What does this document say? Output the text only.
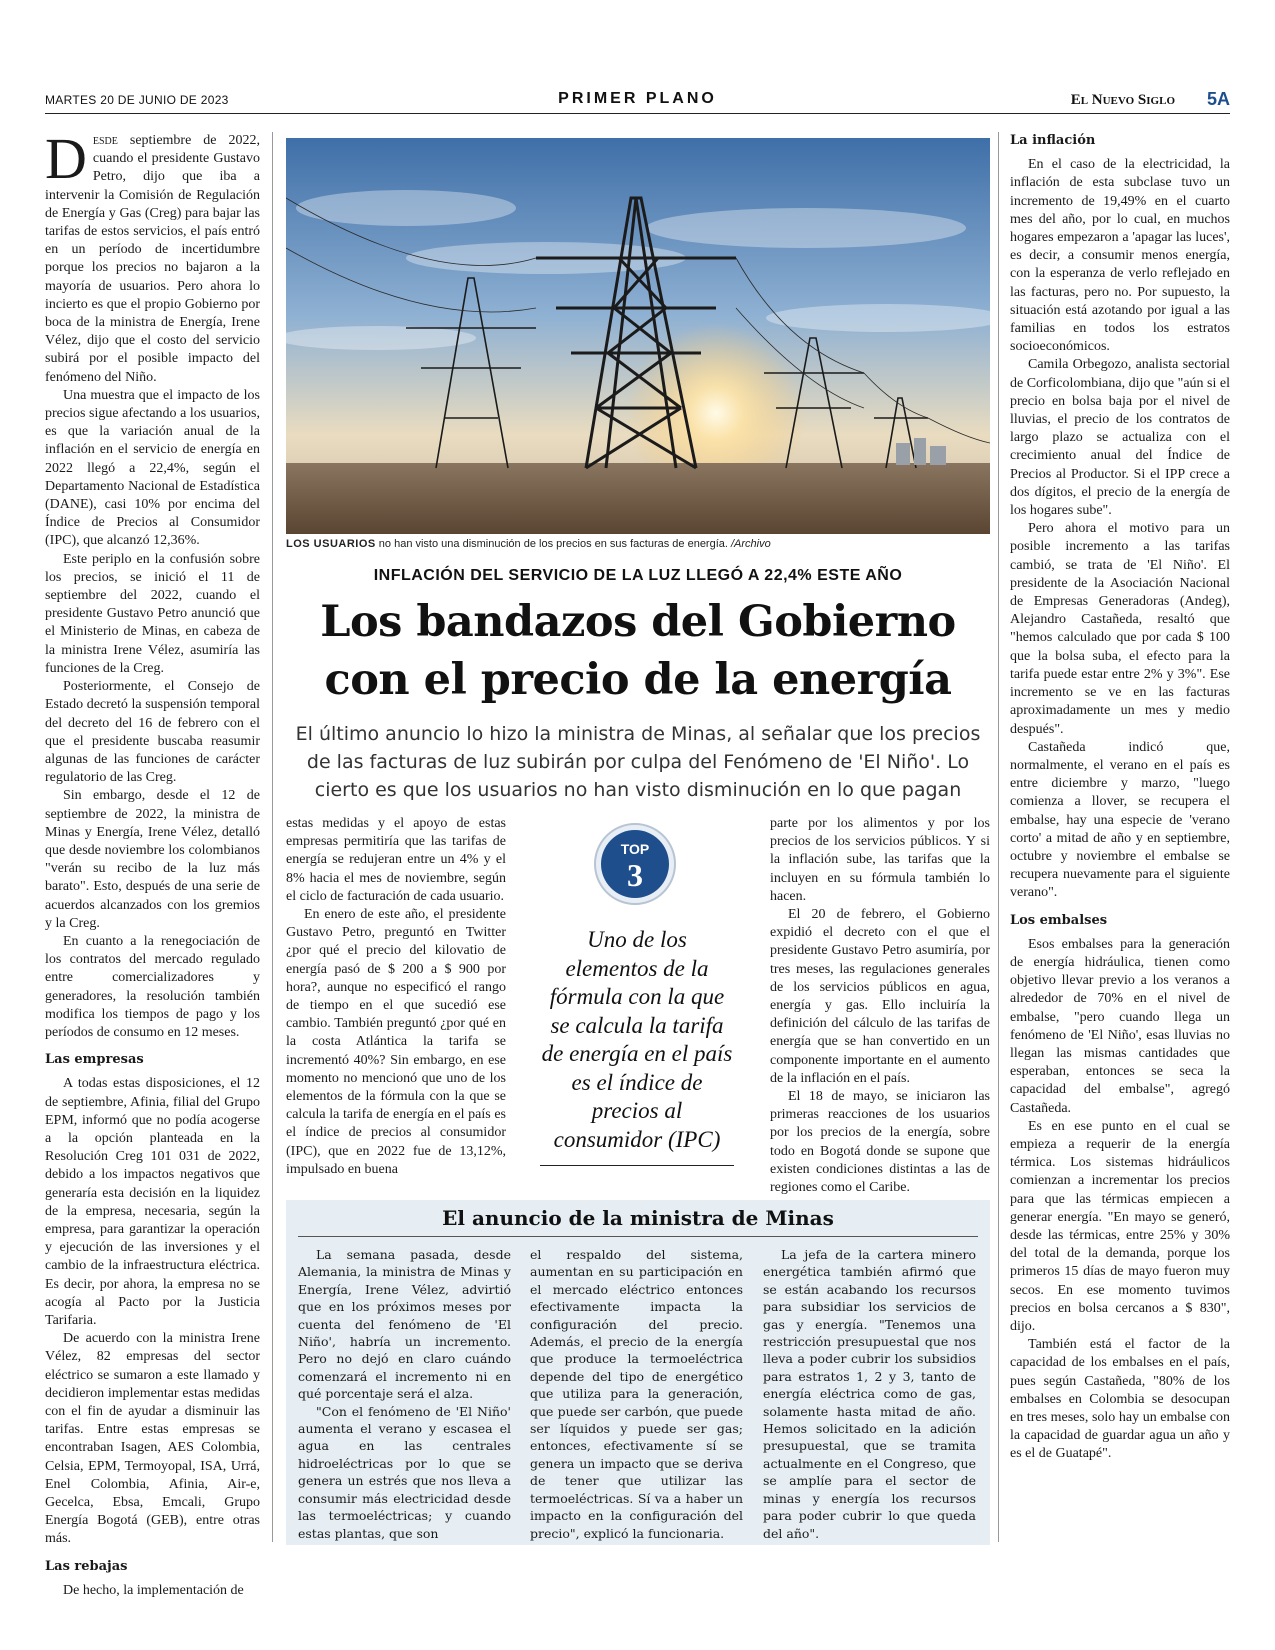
MARTES 20 DE JUNIO DE 2023	PRIMER PLANO	El Nuevo Siglo 5A

Desde septiembre de 2022, cuando el presidente Gustavo Petro, dijo que iba a intervenir la Comisión de Regulación de Energía y Gas (Creg) para bajar las tarifas de estos servicios, el país entró en un período de incertidumbre porque los precios no bajaron a la mayoría de usuarios. Pero ahora lo incierto es que el propio Gobierno por boca de la ministra de Energía, Irene Vélez, dijo que el costo del servicio subirá por el posible impacto del fenómeno del Niño.

Una muestra que el impacto de los precios sigue afectando a los usuarios, es que la variación anual de la inflación en el servicio de energía en 2022 llegó a 22,4%, según el Departamento Nacional de Estadística (DANE), casi 10% por encima del Índice de Precios al Consumidor (IPC), que alcanzó 12,36%.

Este periplo en la confusión sobre los precios, se inició el 11 de septiembre del 2022, cuando el presidente Gustavo Petro anunció que el Ministerio de Minas, en cabeza de la ministra Irene Vélez, asumiría las funciones de la Creg.

Posteriormente, el Consejo de Estado decretó la suspensión temporal del decreto del 16 de febrero con el que el presidente buscaba reasumir algunas de las funciones de carácter regulatorio de las Creg.

Sin embargo, desde el 12 de septiembre de 2022, la ministra de Minas y Energía, Irene Vélez, detalló que desde noviembre los colombianos "verán su recibo de la luz más barato". Esto, después de una serie de acuerdos alcanzados con los gremios y la Creg.

En cuanto a la renegociación de los contratos del mercado regulado entre comercializadores y generadores, la resolución también modifica los tiempos de pago y los períodos de consumo en 12 meses.

Las empresas

A todas estas disposiciones, el 12 de septiembre, Afinia, filial del Grupo EPM, informó que no podía acogerse a la opción planteada en la Resolución Creg 101 031 de 2022, debido a los impactos negativos que generaría esta decisión en la liquidez de la empresa, necesaria, según la empresa, para garantizar la operación y ejecución de las inversiones y el cambio de la infraestructura eléctrica. Es decir, por ahora, la empresa no se acogía al Pacto por la Justicia Tarifaria.

De acuerdo con la ministra Irene Vélez, 82 empresas del sector eléctrico se sumaron a este llamado y decidieron implementar estas medidas con el fin de ayudar a disminuir las tarifas. Entre estas empresas se encontraban Isagen, AES Colombia, Celsia, EPM, Termoyopal, ISA, Urrá, Enel Colombia, Afinia, Air-e, Gecelca, Ebsa, Emcali, Grupo Energía Bogotá (GEB), entre otras más.

Las rebajas

De hecho, la implementación de

LOS USUARIOS no han visto una disminución de los precios en sus facturas de energía. /Archivo
INFLACIÓN DEL SERVICIO DE LA LUZ LLEGÓ A 22,4% ESTE AÑO
Los bandazos del Gobierno
con el precio de la energía
El último anuncio lo hizo la ministra de Minas, al señalar que los precios de las facturas de luz subirán por culpa del Fenómeno de 'El Niño'. Lo cierto es que los usuarios no han visto disminución en lo que pagan

estas medidas y el apoyo de estas empresas permitiría que las tarifas de energía se redujeran entre un 4% y el 8% hacia el mes de noviembre, según el ciclo de facturación de cada usuario.

En enero de este año, el presidente Gustavo Petro, preguntó en Twitter ¿por qué el precio del kilovatio de energía pasó de $ 200 a $ 900 por hora?, aunque no especificó el rango de tiempo en el que sucedió ese cambio. También preguntó ¿por qué en la costa Atlántica la tarifa se incrementó 40%? Sin embargo, en ese momento no mencionó que uno de los elementos de la fórmula con la que se calcula la tarifa de energía en el país es el índice de precios al consumidor (IPC), que en 2022 fue de 13,12%, impulsado en buena

TOP
3
Uno de los elementos de la fórmula con la que se calcula la tarifa de energía en el país es el índice de precios al consumidor (IPC)

parte por los alimentos y por los precios de los servicios públicos. Y si la inflación sube, las tarifas que la incluyen en su fórmula también lo hacen.

El 20 de febrero, el Gobierno expidió el decreto con el que el presidente Gustavo Petro asumiría, por tres meses, las regulaciones generales de los servicios públicos en agua, energía y gas. Ello incluiría la definición del cálculo de las tarifas de energía que se han convertido en un componente importante en el aumento de la inflación en el país.

El 18 de mayo, se iniciaron las primeras reacciones de los usuarios por los precios de la energía, sobre todo en Bogotá donde se supone que existen condiciones distintas a las de regiones como el Caribe.

El anuncio de la ministra de Minas

La semana pasada, desde Alemania, la ministra de Minas y Energía, Irene Vélez, advirtió que en los próximos meses por cuenta del fenómeno de 'El Niño', habría un incremento. Pero no dejó en claro cuándo comenzará el incremento ni en qué porcentaje será el alza.

"Con el fenómeno de 'El Niño' aumenta el verano y escasea el agua en las centrales hidroeléctricas por lo que se genera un estrés que nos lleva a consumir más electricidad desde las termoeléctricas; y cuando estas plantas, que son

el respaldo del sistema, aumentan en su participación en el mercado eléctrico entonces efectivamente impacta la configuración del precio. Además, el precio de la energía que produce la termoeléctrica depende del tipo de energético que utiliza para la generación, que puede ser carbón, que puede ser líquidos y puede ser gas; entonces, efectivamente sí se genera un impacto que se deriva de tener que utilizar las termoeléctricas. Sí va a haber un impacto en la configuración del precio", explicó la funcionaria.

La jefa de la cartera minero energética también afirmó que se están acabando los recursos para subsidiar los servicios de gas y energía. "Tenemos una restricción presupuestal que nos lleva a poder cubrir los subsidios para estratos 1, 2 y 3, tanto de energía eléctrica como de gas, solamente hasta mitad de año. Hemos solicitado en la adición presupuestal, que se tramita actualmente en el Congreso, que se amplíe para el sector de minas y energía los recursos para poder cubrir lo que queda del año".

La inflación

En el caso de la electricidad, la inflación de esta subclase tuvo un incremento de 19,49% en el cuarto mes del año, por lo cual, en muchos hogares empezaron a 'apagar las luces', es decir, a consumir menos energía, con la esperanza de verlo reflejado en las facturas, pero no. Por supuesto, la situación está azotando por igual a las familias en todos los estratos socioeconómicos.

Camila Orbegozo, analista sectorial de Corficolombiana, dijo que "aún si el precio en bolsa baja por el nivel de lluvias, el precio de los contratos de largo plazo se actualiza con el crecimiento anual del Índice de Precios al Productor. Si el IPP crece a dos dígitos, el precio de la energía de los hogares sube".

Pero ahora el motivo para un posible incremento a las tarifas cambió, se trata de 'El Niño'. El presidente de la Asociación Nacional de Empresas Generadoras (Andeg), Alejandro Castañeda, resaltó que "hemos calculado que por cada $ 100 que la bolsa suba, el efecto para la tarifa puede estar entre 2% y 3%". Ese incremento se ve en las facturas aproximadamente un mes y medio después".

Castañeda indicó que, normalmente, el verano en el país es entre diciembre y marzo, "luego comienza a llover, se recupera el embalse, hay una especie de 'verano corto' a mitad de año y en septiembre, octubre y noviembre el embalse se recupera nuevamente para el siguiente verano".

Los embalses

Esos embalses para la generación de energía hidráulica, tienen como objetivo llevar previo a los veranos a alrededor de 70% en el nivel de embalse, "pero cuando llega un fenómeno de 'El Niño', esas lluvias no llegan las mismas cantidades que esperaban, entonces se seca la capacidad del embalse", agregó Castañeda.

Es en ese punto en el cual se empieza a requerir de la energía térmica. Los sistemas hidráulicos comienzan a incrementar los precios para que las térmicas empiecen a generar energía. "En mayo se generó, desde las térmicas, entre 25% y 30% del total de la demanda, porque los primeros 15 días de mayo fueron muy secos. En ese momento tuvimos precios en bolsa cercanos a $ 830", dijo.

También está el factor de la capacidad de los embalses en el país, pues según Castañeda, "80% de los embalses en Colombia se desocupan en tres meses, solo hay un embalse con la capacidad de guardar agua un año y es el de Guatapé".
